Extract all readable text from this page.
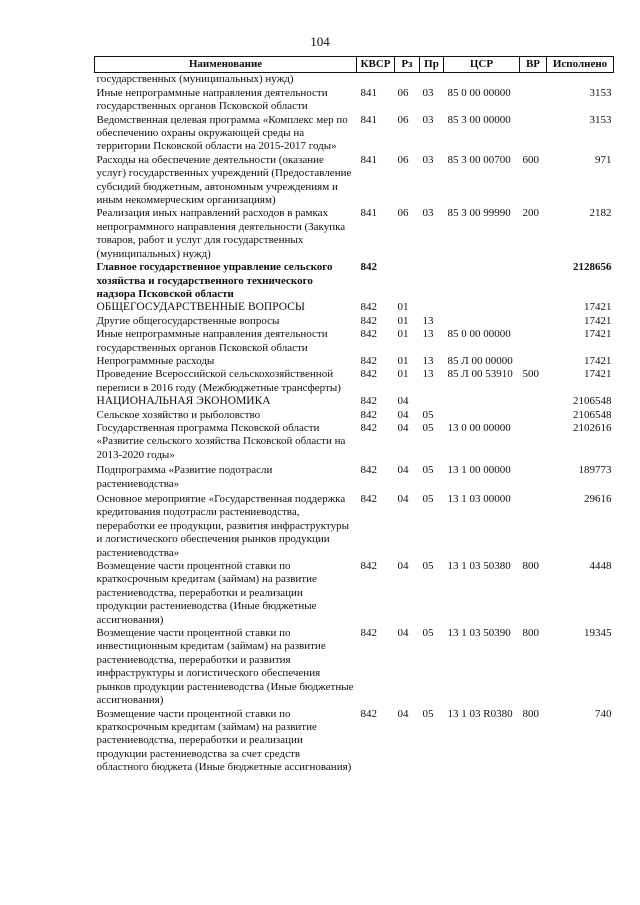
104
Наименование	КВСР	Рз	Пр	ЦСР	ВР	Исполнено
государственных (муниципальных) нужд)						
Иные непрограммные направления деятельности государственных органов Псковской области	841	06	03	85 0 00 00000		3153
Ведомственная целевая программа «Комплекс мер по обеспечению охраны окружающей среды на территории Псковской области на 2015-2017 годы»	841	06	03	85 3 00 00000		3153
Расходы на обеспечение деятельности (оказание услуг) государственных учреждений (Предоставление субсидий бюджетным, автономным учреждениям и иным некоммерческим организациям)	841	06	03	85 3 00 00700	600	971
Реализация иных направлений расходов в рамках непрограммного направления деятельности (Закупка товаров, работ и услуг для государственных (муниципальных) нужд)	841	06	03	85 3 00 99990	200	2182
Главное государственное управление сельского хозяйства и государственного технического надзора Псковской области	842					2128656
ОБЩЕГОСУДАРСТВЕННЫЕ ВОПРОСЫ	842	01				17421
Другие общегосударственные вопросы	842	01	13			17421
Иные непрограммные направления деятельности государственных органов Псковской области	842	01	13	85 0 00 00000		17421
Непрограммные расходы	842	01	13	85 Л 00 00000		17421
Проведение Всероссийской сельскохозяйственной переписи в 2016 году (Межбюджетные трансферты)	842	01	13	85 Л 00 53910	500	17421
НАЦИОНАЛЬНАЯ ЭКОНОМИКА	842	04				2106548
Сельское хозяйство и рыболовство	842	04	05			2106548
Государственная программа Псковской области «Развитие сельского хозяйства Псковской области на 2013-2020 годы»	842	04	05	13 0 00 00000		2102616
Подпрограмма «Развитие подотрасли растениеводства»	842	04	05	13 1 00 00000		189773
Основное мероприятие «Государственная поддержка кредитования подотрасли растениеводства, переработки ее продукции, развития инфраструктуры и логистического обеспечения рынков продукции растениеводства»	842	04	05	13 1 03 00000		29616
Возмещение части процентной ставки по краткосрочным кредитам (займам) на развитие растениеводства, переработки и реализации продукции растениеводства (Иные бюджетные ассигнования)	842	04	05	13 1 03 50380	800	4448
Возмещение части процентной ставки по инвестиционным кредитам (займам) на развитие растениеводства, переработки и развития инфраструктуры и логистического обеспечения рынков продукции растениеводства (Иные бюджетные ассигнования)	842	04	05	13 1 03 50390	800	19345
Возмещение части процентной ставки по краткосрочным кредитам (займам) на развитие растениеводства, переработки и реализации продукции растениеводства за счет средств областного бюджета (Иные бюджетные ассигнования)	842	04	05	13 1 03 R0380	800	740
